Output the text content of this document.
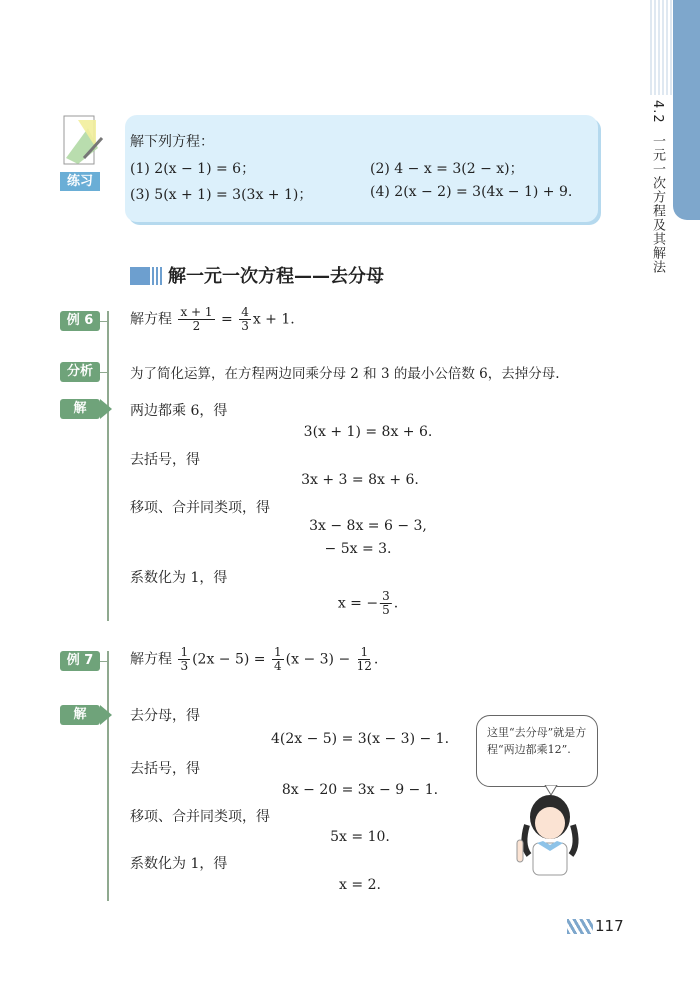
4.2  一元一次方程及其解法
练习
解下列方程：
(1) 2(x − 1) = 6；	(2) 4 − x = 3(2 − x)；
(3) 5(x + 1) = 3(3x + 1)；	(4) 2(x − 2) = 3(4x − 1) + 9.
解一元一次方程——去分母
例 6
分析
解
解方程 $\frac{x + 1}{2} = \frac{4}{3}$ x + 1.
为了简化运算，在方程两边同乘分母 2 和 3 的最小公倍数 6，去掉分母.
两边都乘 6，得
3(x + 1) = 8x + 6.
去括号，得
3x + 3 = 8x + 6.
移项、合并同类项，得
3x − 8x = 6 − 3,
− 5x = 3.
系数化为 1，得
x = − $\frac{3}{5}$ .
例 7
解
解方程 $\frac{1}{3} (2x - 5) = \frac{1}{4} (x - 3) - \frac{1}{12}$ .
去分母，得
4(2x − 5) = 3(x − 3) − 1.
去括号，得
8x − 20 = 3x − 9 − 1.
移项、合并同类项，得
5x = 10.
系数化为 1，得
x = 2.
这里“去分母”就是方程“两边都乘12”.
117
